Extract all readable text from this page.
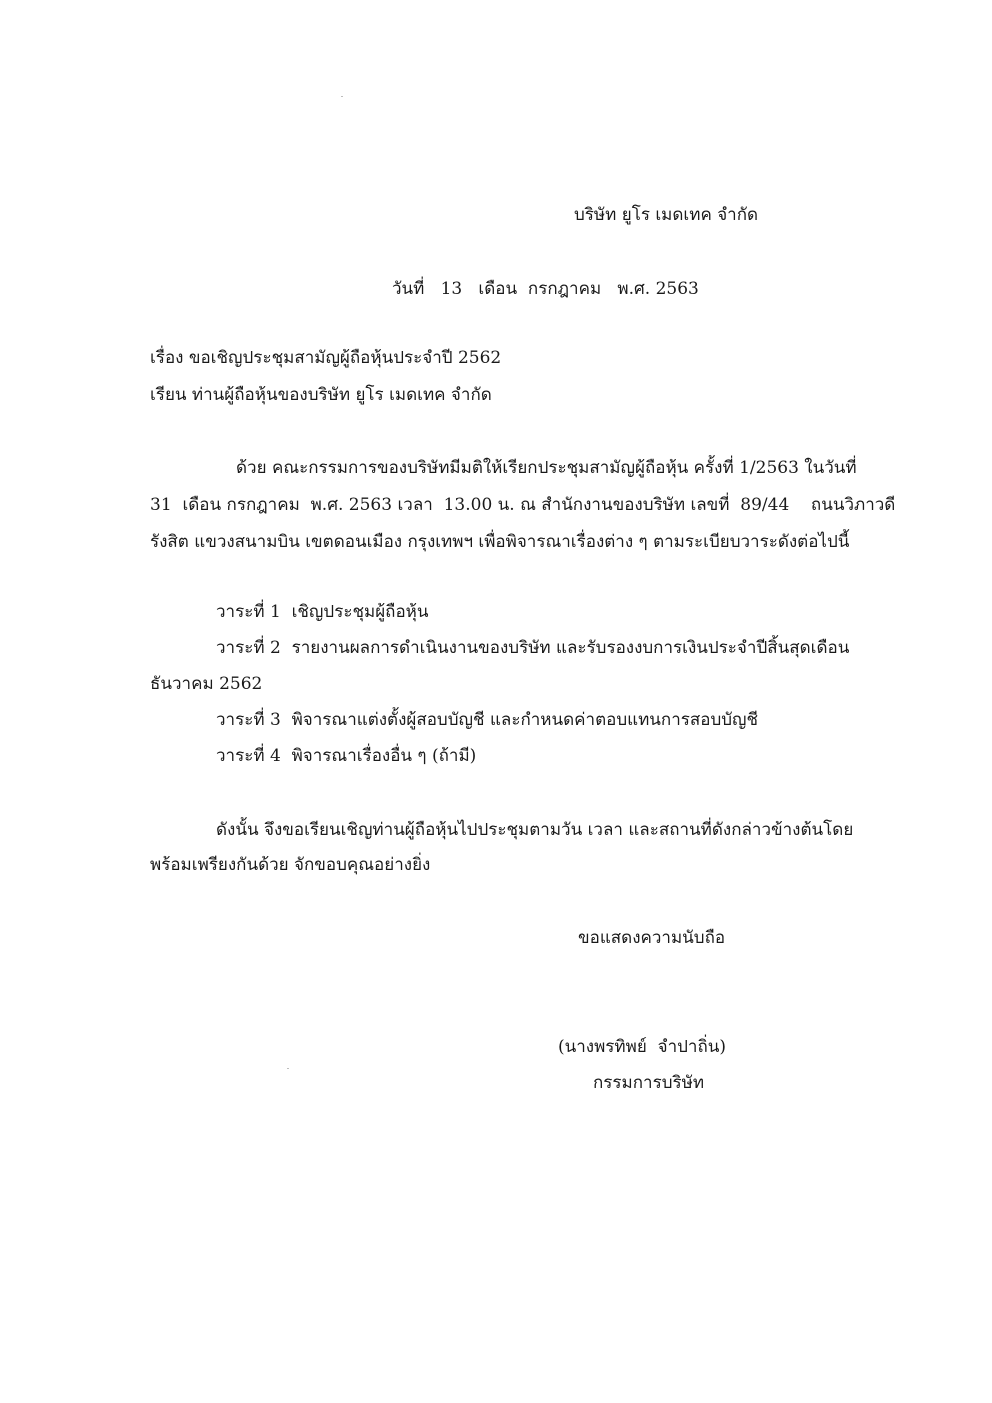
บริษัท ยูโร เมดเทค จำกัด
วันที่   13   เดือน  กรกฎาคม   พ.ศ. 2563
เรื่อง ขอเชิญประชุมสามัญผู้ถือหุ้นประจำปี 2562
เรียน ท่านผู้ถือหุ้นของบริษัท ยูโร เมดเทค จำกัด
ด้วย คณะกรรมการของบริษัทมีมติให้เรียกประชุมสามัญผู้ถือหุ้น ครั้งที่ 1/2563 ในวันที่
31  เดือน กรกฎาคม  พ.ศ. 2563 เวลา  13.00 น. ณ สำนักงานของบริษัท เลขที่  89/44    ถนนวิภาวดี
รังสิต แขวงสนามบิน เขตดอนเมือง กรุงเทพฯ เพื่อพิจารณาเรื่องต่าง ๆ ตามระเบียบวาระดังต่อไปนี้
วาระที่ 1  เชิญประชุมผู้ถือหุ้น
วาระที่ 2  รายงานผลการดำเนินงานของบริษัท และรับรองงบการเงินประจำปีสิ้นสุดเดือน
ธันวาคม 2562
วาระที่ 3  พิจารณาแต่งตั้งผู้สอบบัญชี และกำหนดค่าตอบแทนการสอบบัญชี
วาระที่ 4  พิจารณาเรื่องอื่น ๆ (ถ้ามี)
ดังนั้น จึงขอเรียนเชิญท่านผู้ถือหุ้นไปประชุมตามวัน เวลา และสถานที่ดังกล่าวข้างต้นโดย
พร้อมเพรียงกันด้วย จักขอบคุณอย่างยิ่ง
ขอแสดงความนับถือ
(นางพรทิพย์  จำปาถิ่น)
กรรมการบริษัท
